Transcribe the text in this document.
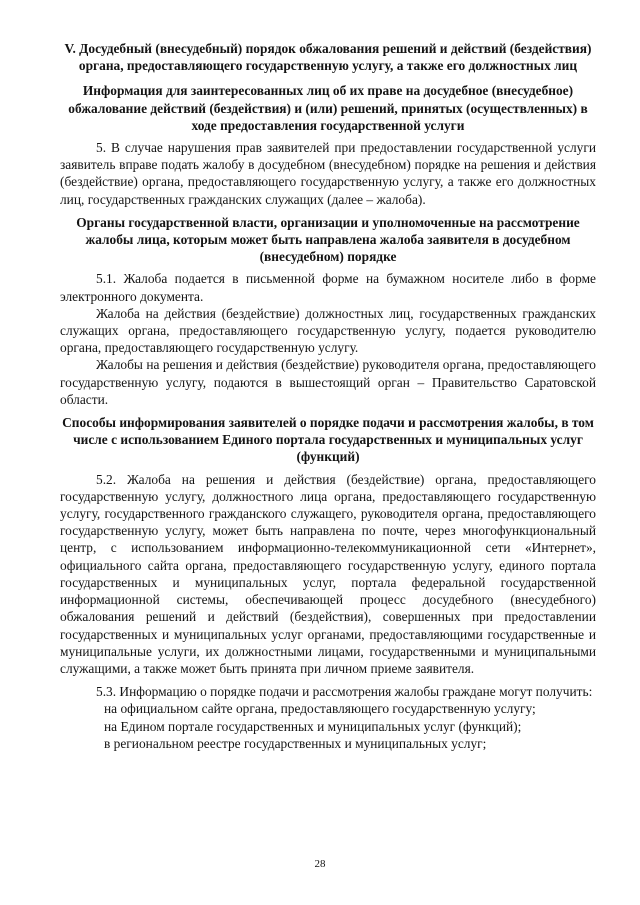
V. Досудебный (внесудебный) порядок обжалования решений и действий (бездействия) органа, предоставляющего государственную услугу, а также его должностных лиц

Информация для заинтересованных лиц об их праве на досудебное (внесудебное) обжалование действий (бездействия) и (или) решений, принятых (осуществленных) в ходе предоставления государственной услуги

5. В случае нарушения прав заявителей при предоставлении государственной услуги заявитель вправе подать жалобу в досудебном (внесудебном) порядке на решения и действия (бездействие) органа, предоставляющего государственную услугу, а также его должностных лиц, государственных гражданских служащих (далее – жалоба).

Органы государственной власти, организации и уполномоченные на рассмотрение жалобы лица, которым может быть направлена жалоба заявителя в досудебном (внесудебном) порядке

5.1. Жалоба подается в письменной форме на бумажном носителе либо в форме электронного документа.

Жалоба на действия (бездействие) должностных лиц, государственных гражданских служащих органа, предоставляющего государственную услугу, подается руководителю органа, предоставляющего государственную услугу.

Жалобы на решения и действия (бездействие) руководителя органа, предоставляющего государственную услугу, подаются в вышестоящий орган – Правительство Саратовской области.

Способы информирования заявителей о порядке подачи и рассмотрения жалобы, в том числе с использованием Единого портала государственных и муниципальных услуг (функций)

5.2. Жалоба на решения и действия (бездействие) органа, предоставляющего государственную услугу, должностного лица органа, предоставляющего государственную услугу, государственного гражданского служащего, руководителя органа, предоставляющего государственную услугу, может быть направлена по почте, через многофункциональный центр, с использованием информационно-телекоммуникационной сети «Интернет», официального сайта органа, предоставляющего государственную услугу, единого портала государственных и муниципальных услуг, портала федеральной государственной информационной системы, обеспечивающей процесс досудебного (внесудебного) обжалования решений и действий (бездействия), совершенных при предоставлении государственных и муниципальных услуг органами, предоставляющими государственные и муниципальные услуги, их должностными лицами, государственными и муниципальными служащими, а также может быть принята при личном приеме заявителя.

5.3. Информацию о порядке подачи и рассмотрения жалобы граждане могут получить:

на официальном сайте органа, предоставляющего государственную услугу;

на Едином портале государственных и муниципальных услуг (функций);

в региональном реестре государственных и муниципальных услуг;

28
